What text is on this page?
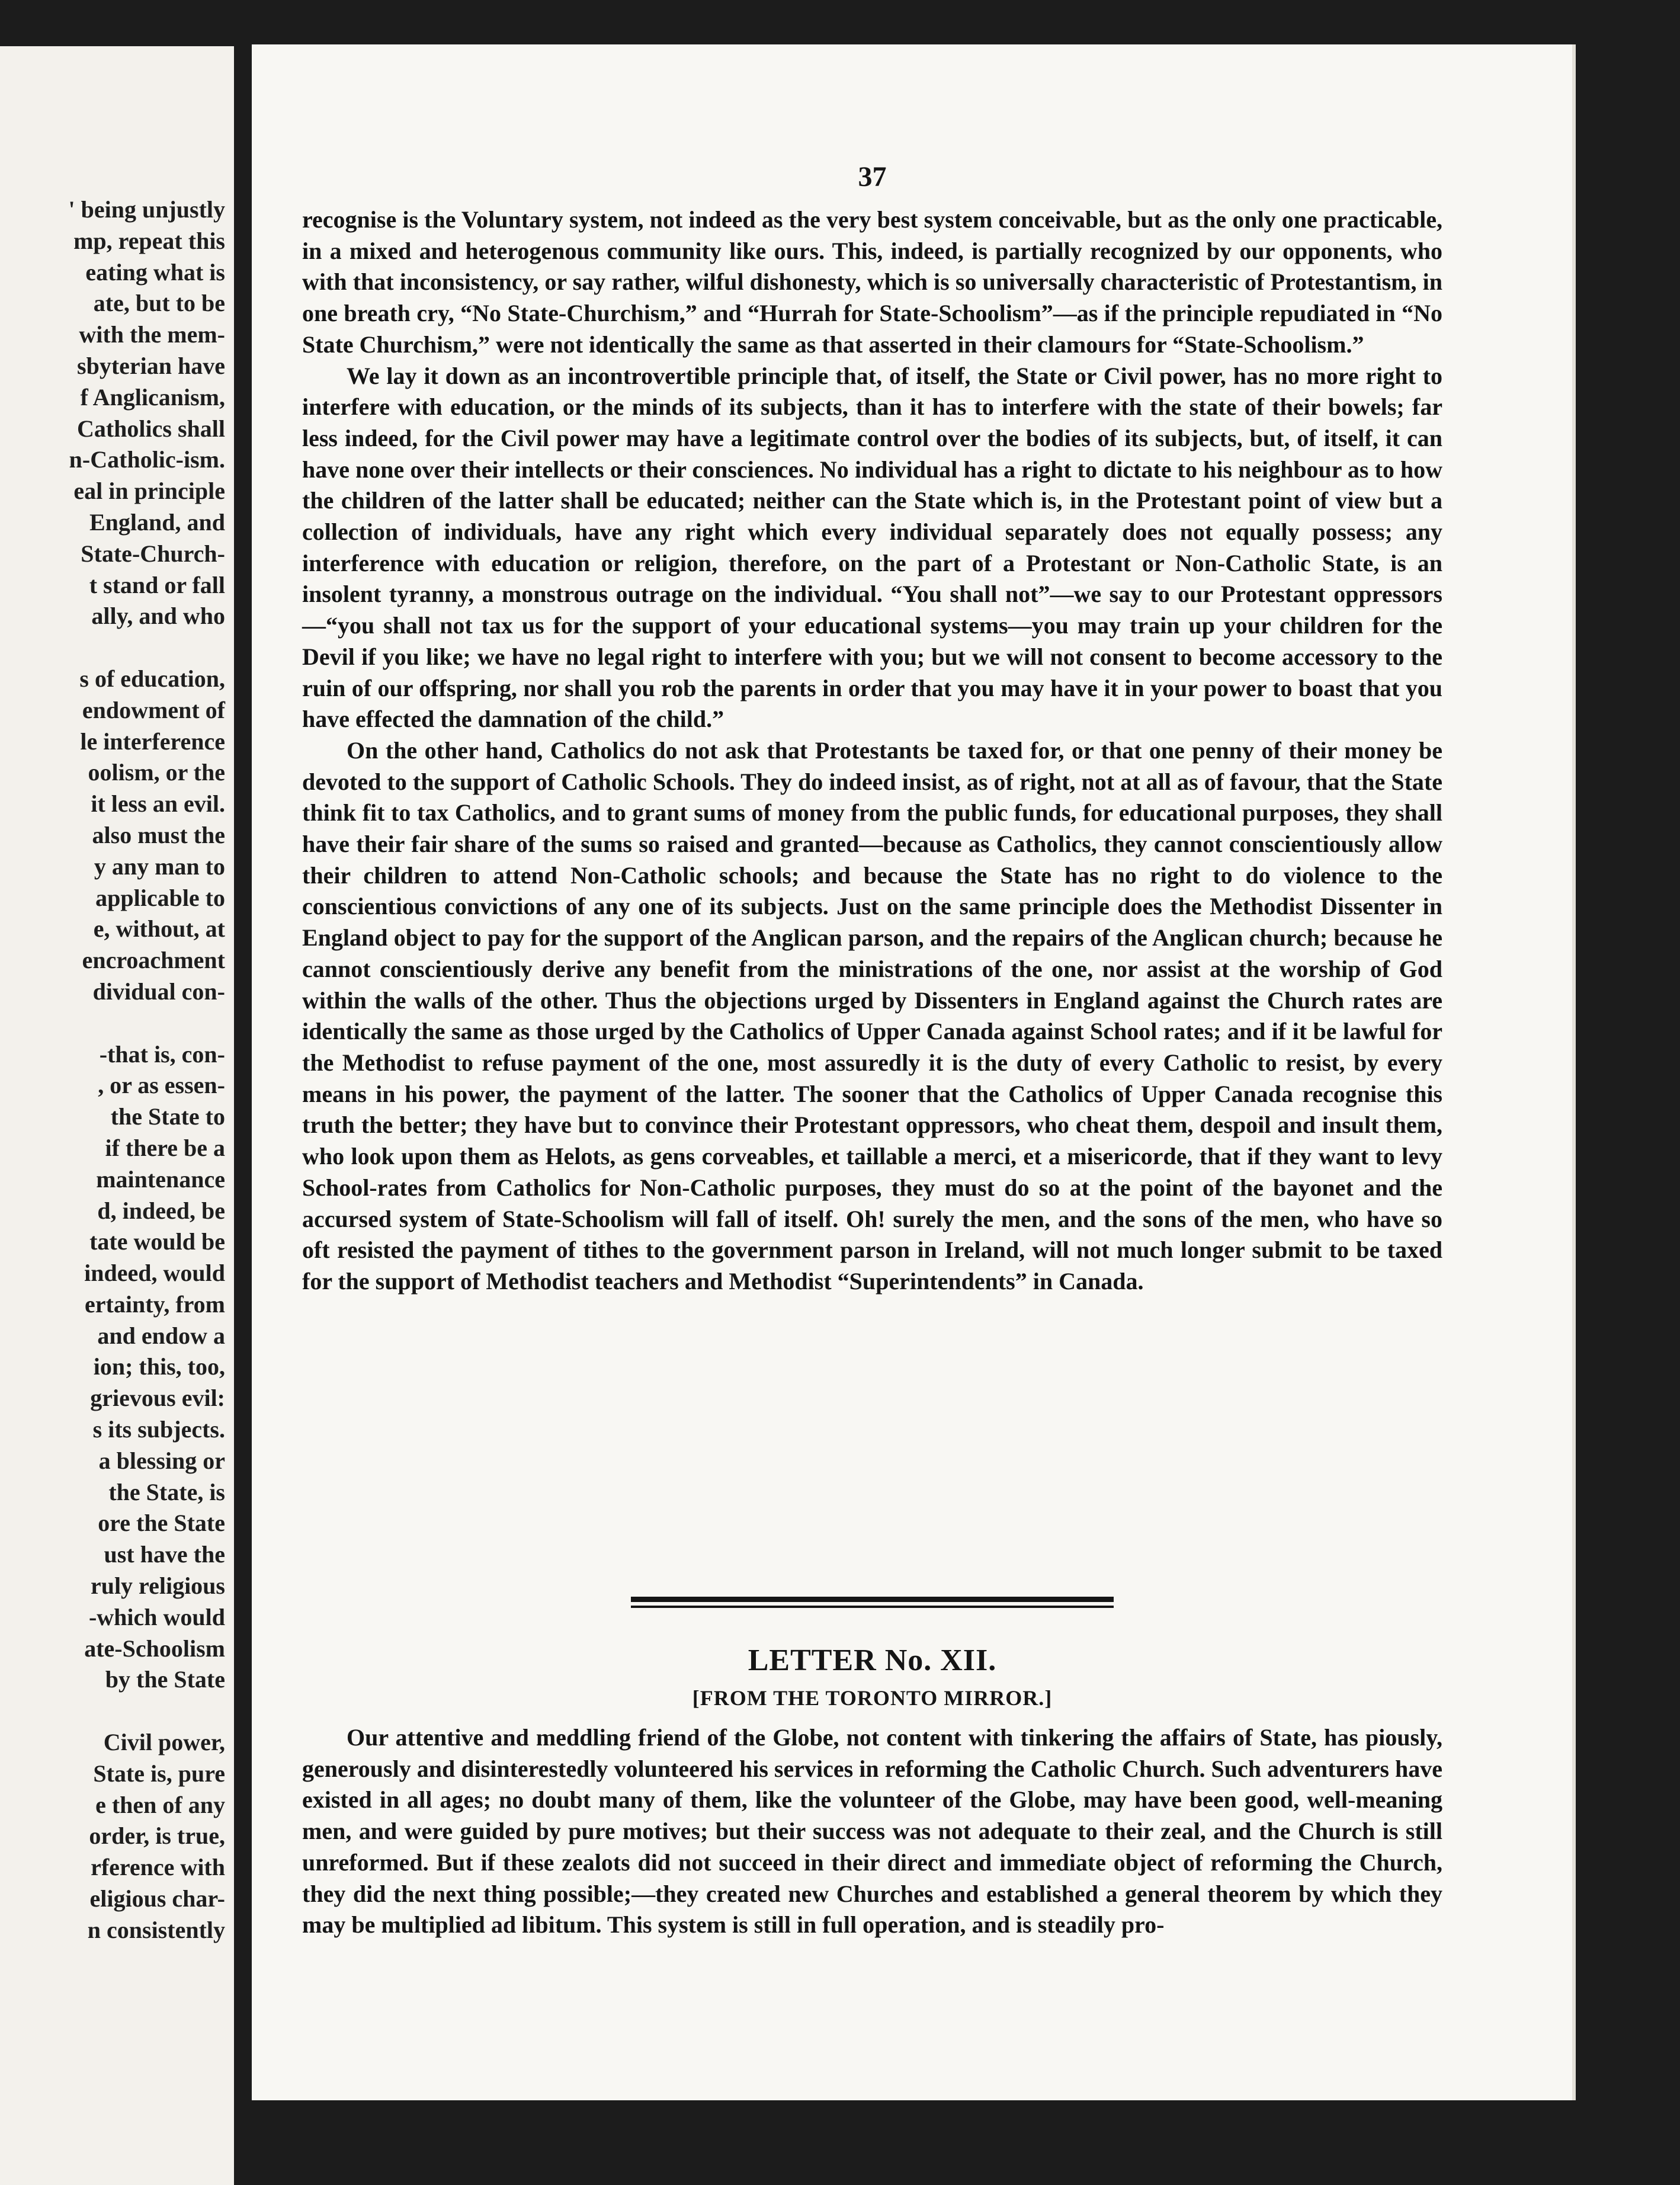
' being unjustly
mp, repeat this
eating what is
ate, but to be
with the mem-
sbyterian have
f Anglicanism,
Catholics shall
n-Catholic-ism.
eal in principle
England, and
State-Church-
t stand or fall
ally, and who

s of education,
endowment of
le interference
oolism, or the
it less an evil.
also must the
y any man to
applicable to
e, without, at
encroachment
dividual con-

-that is, con-
, or as essen-
the State to
if there be a
maintenance
d, indeed, be
tate would be
indeed, would
ertainty, from
and endow a
ion; this, too,
grievous evil:
s its subjects.
a blessing or
the State, is
ore the State
ust have the
ruly religious
-which would
ate-Schoolism
by the State

Civil power,
State is, pure
e then of any
order, is true,
rference with
eligious char-
n consistently
37

recognise is the Voluntary system, not indeed as the very best system conceivable, but as the only one practicable, in a mixed and heterogenous community like ours. This, indeed, is partially recognized by our opponents, who with that inconsistency, or say rather, wilful dishonesty, which is so universally characteristic of Protestantism, in one breath cry, “No State-Churchism,” and “Hurrah for State-Schoolism”—as if the principle repudiated in “No State Churchism,” were not identically the same as that asserted in their clamours for “State-Schoolism.”

We lay it down as an incontrovertible principle that, of itself, the State or Civil power, has no more right to interfere with education, or the minds of its subjects, than it has to interfere with the state of their bowels; far less indeed, for the Civil power may have a legitimate control over the bodies of its subjects, but, of itself, it can have none over their intellects or their consciences. No individual has a right to dictate to his neighbour as to how the children of the latter shall be educated; neither can the State which is, in the Protestant point of view but a collection of individuals, have any right which every individual separately does not equally possess; any interference with education or religion, therefore, on the part of a Protestant or Non-Catholic State, is an insolent tyranny, a monstrous outrage on the individual. “You shall not”—we say to our Protestant oppressors—“you shall not tax us for the support of your educational systems—you may train up your children for the Devil if you like; we have no legal right to interfere with you; but we will not consent to become accessory to the ruin of our offspring, nor shall you rob the parents in order that you may have it in your power to boast that you have effected the damnation of the child.”

On the other hand, Catholics do not ask that Protestants be taxed for, or that one penny of their money be devoted to the support of Catholic Schools. They do indeed insist, as of right, not at all as of favour, that the State think fit to tax Catholics, and to grant sums of money from the public funds, for educational purposes, they shall have their fair share of the sums so raised and granted—because as Catholics, they cannot conscientiously allow their children to attend Non-Catholic schools; and because the State has no right to do violence to the conscientious convictions of any one of its subjects. Just on the same principle does the Methodist Dissenter in England object to pay for the support of the Anglican parson, and the repairs of the Anglican church; because he cannot conscientiously derive any benefit from the ministrations of the one, nor assist at the worship of God within the walls of the other. Thus the objections urged by Dissenters in England against the Church rates are identically the same as those urged by the Catholics of Upper Canada against School rates; and if it be lawful for the Methodist to refuse payment of the one, most assuredly it is the duty of every Catholic to resist, by every means in his power, the payment of the latter. The sooner that the Catholics of Upper Canada recognise this truth the better; they have but to convince their Protestant oppressors, who cheat them, despoil and insult them, who look upon them as Helots, as gens corveables, et taillable a merci, et a misericorde, that if they want to levy School-rates from Catholics for Non-Catholic purposes, they must do so at the point of the bayonet and the accursed system of State-Schoolism will fall of itself. Oh! surely the men, and the sons of the men, who have so oft resisted the payment of tithes to the government parson in Ireland, will not much longer submit to be taxed for the support of Methodist teachers and Methodist “Superintendents” in Canada.

LETTER No. XII.
[FROM THE TORONTO MIRROR.]

Our attentive and meddling friend of the Globe, not content with tinkering the affairs of State, has piously, generously and disinterestedly volunteered his services in reforming the Catholic Church. Such adventurers have existed in all ages; no doubt many of them, like the volunteer of the Globe, may have been good, well-meaning men, and were guided by pure motives; but their success was not adequate to their zeal, and the Church is still unreformed. But if these zealots did not succeed in their direct and immediate object of reforming the Church, they did the next thing possible;—they created new Churches and established a general theorem by which they may be multiplied ad libitum. This system is still in full operation, and is steadily pro-
